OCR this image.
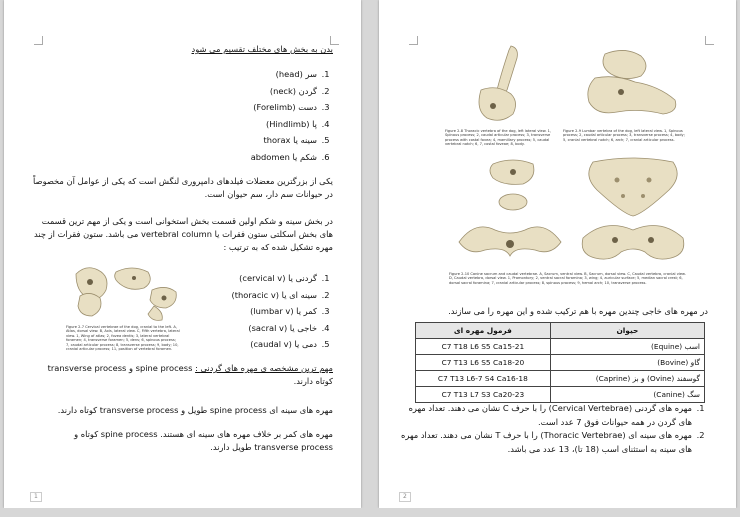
بدن به بخش های مختلف تقسیم می شود
1. سر (head)
2. گردن (neck)
3. دست (Forelimb)
4. پا (Hindlimb)
5. سینه یا thorax
6. شکم یا abdomen
یکی از بزرگترین معضلات فیلدهای دامپروری لنگش است که یکی از عوامل آن مخصوصاً در حیوانات سم دار، سم حیوان است.
در بخش سینه و شکم اولین قسمت بخش استخوانی است و یکی از مهم ترین قسمت های بخش اسکلتی ستون فقرات یا vertebral column می باشد. ستون فقرات از چند مهره تشکیل شده که به ترتیب :
Figure 2-7 Cervical vertebrae of the dog, cranial to the left. A, Atlas, dorsal view. B, Axis, lateral view. C, Fifth vertebra, lateral view. 1, Wing of atlas; 2, fovea dentis; 3, lateral vertebral foramen; 4, transverse foramen; 5, dens; 6, spinous process; 7, caudal articular process; 8, transverse process; 9, body; 10, cranial articular process; 11, position of vertebral foramen.
1. گردنی یا (cervical v)
2. سینه ای یا (thoracic v)
3. کمر یا (lumbar v)
4. خاجی یا (sacral v)
5. دمی یا (caudal v)
مهم ترین مشخصه ی مهره های گردنی : spine process و transverse process کوتاه دارند.
مهره های سینه ای spine process طویل و transverse process کوتاه دارند.
مهره های کمر بر خلاف مهره های سینه ای هستند. spine process کوتاه و transverse process طویل دارند.
1
Figure 2-8 Thoracic vertebra of the dog, left lateral view. 1, Spinous process; 2, caudal articular process; 3, transverse process with costal fovea; 4, mamillary process; 5, caudal vertebral notch; 6, 7, costal foveae; 8, body.
Figure 2-9 Lumbar vertebra of the dog, left lateral view. 1, Spinous process; 2, caudal articular process; 3, transverse process; 4, body; 5, cranial vertebral notch; 6, arch; 7, cranial articular process.
Figure 2-10 Canine sacrum and caudal vertebrae. A, Sacrum, ventral view. B, Sacrum, dorsal view. C, Caudal vertebra, cranial view. D, Caudal vertebra, dorsal view. 1, Promontory; 2, ventral sacral foramina; 3, wing; 4, auricular surface; 5, median sacral crest; 6, dorsal sacral foramina; 7, cranial articular process; 8, spinous process; 9, hemal arch; 10, transverse process.
در مهره های خاجی چندین مهره با هم ترکیب شده و این مهره را می سازند.
حیوان	فرمول مهره ای
اسب (Equine)	C7 T18 L6 S5 Ca15-21
گاو (Bovine)	C7 T13 L6 S5 Ca18-20
گوسفند (Ovine) و بز (Caprine)	C7 T13 L6-7 S4 Ca16-18
سگ (Canine)	C7 T13 L7 S3 Ca20-23
1. مهره های گردنی (Cervical Vertebrae) را با حرف C نشان می دهند. تعداد مهره های گردن در همه حیوانات فوق 7 عدد است.
2. مهره های سینه ای (Thoracic Vertebrae) را با حرف T نشان می دهند. تعداد مهره های سینه به استثنای اسب (18 تا)، 13 عدد می باشد.
2
